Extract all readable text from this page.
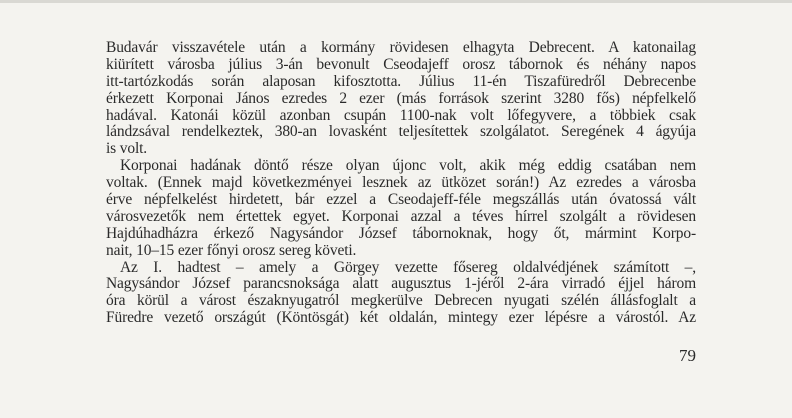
Budavár visszavétele után a kormány rövidesen elhagyta Debrecent. A katonailag
kiürített városba július 3-án bevonult Cseodajeff orosz tábornok és néhány napos
itt-tartózkodás során alaposan kifosztotta. Július 11-én Tiszafüredről Debrecenbe
érkezett Korponai János ezredes 2 ezer (más források szerint 3280 fős) népfelkelő
hadával. Katonái közül azonban csupán 1100-nak volt lőfegyvere, a többiek csak
lándzsával rendelkeztek, 380-an lovasként teljesítettek szolgálatot. Seregének 4 ágyúja
is volt.

Korponai hadának döntő része olyan újonc volt, akik még eddig csatában nem
voltak. (Ennek majd következményei lesznek az ütközet során!) Az ezredes a városba
érve népfelkelést hirdetett, bár ezzel a Cseodajeff-féle megszállás után óvatossá vált
városvezetők nem értettek egyet. Korponai azzal a téves hírrel szolgált a rövidesen
Hajdúhadházra érkező Nagysándor József tábornoknak, hogy őt, mármint Korpo-
nait, 10–15 ezer főnyi orosz sereg követi.

Az I. hadtest – amely a Görgey vezette fősereg oldalvédjének számított –,
Nagysándor József parancsnoksága alatt augusztus 1-jéről 2-ára virradó éjjel három
óra körül a várost északnyugatról megkerülve Debrecen nyugati szélén állásfoglalt a
Füredre vezető országút (Köntösgát) két oldalán, mintegy ezer lépésre a várostól. Az

79
